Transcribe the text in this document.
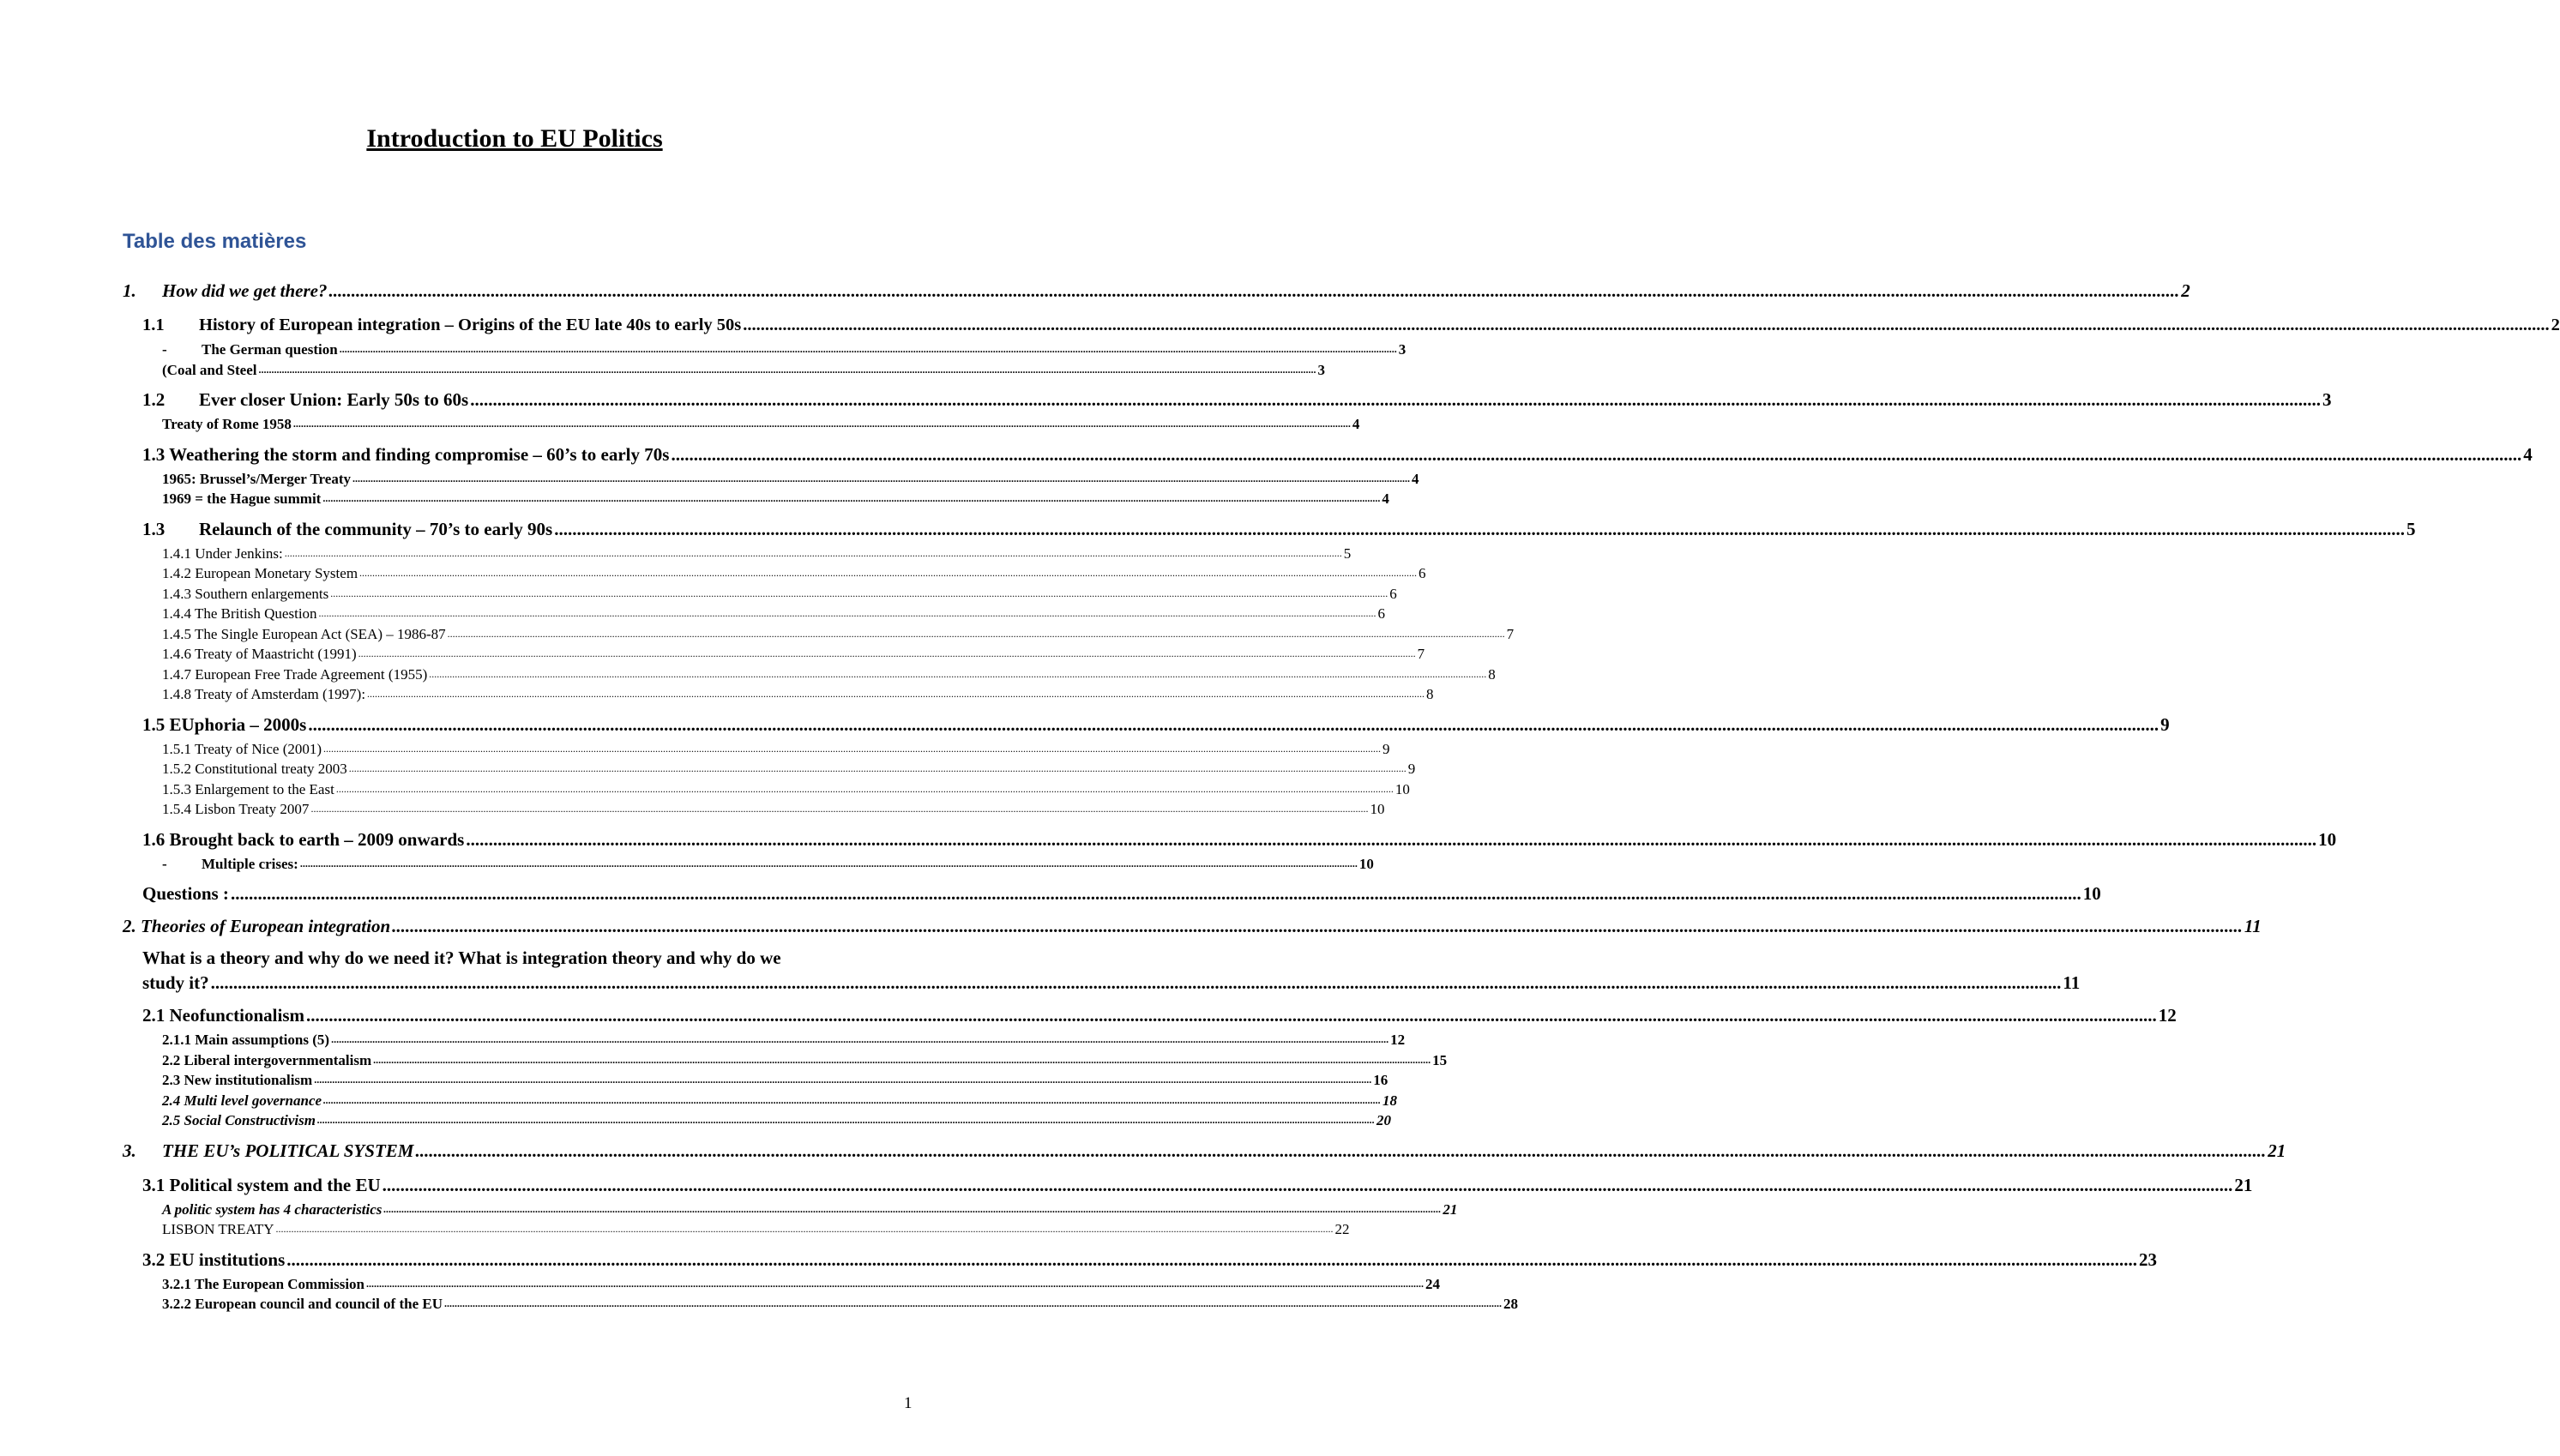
Introduction to EU Politics
Table des matières
1.	How did we get there? .....	2
1.1	History of European integration – Origins of the EU late 40s to early 50s .....	2
-	The German question .....	3
(Coal and Steel .....	3
1.2	Ever closer Union: Early 50s to 60s .....	3
Treaty of Rome 1958 .....	4
1.3 Weathering the storm and finding compromise – 60’s to early 70s .....	4
1965: Brussel’s/Merger Treaty .....	4
1969 = the Hague summit .....	4
1.3	Relaunch of the community – 70’s to early 90s .....	5
1.4.1 Under Jenkins: .....	5
1.4.2 European Monetary System .....	6
1.4.3 Southern enlargements .....	6
1.4.4 The British Question .....	6
1.4.5 The Single European Act (SEA) – 1986-87 .....	7
1.4.6 Treaty of Maastricht (1991) .....	7
1.4.7 European Free Trade Agreement (1955) .....	8
1.4.8 Treaty of Amsterdam (1997): .....	8
1.5 EUphoria – 2000s .....	9
1.5.1 Treaty of Nice (2001) .....	9
1.5.2 Constitutional treaty 2003 .....	9
1.5.3 Enlargement to the East .....	10
1.5.4 Lisbon Treaty 2007 .....	10
1.6 Brought back to earth – 2009 onwards .....	10
-	Multiple crises: .....	10
Questions : .....	10
2. Theories of European integration .....	11
What is a theory and why do we need it? What is integration theory and why do we
study it? .....	11
2.1 Neofunctionalism .....	12
2.1.1 Main assumptions (5) .....	12
2.2 Liberal intergovernmentalism .....	15
2.3 New institutionalism .....	16
2.4 Multi level governance .....	18
2.5 Social Constructivism .....	20
3.	THE EU’s POLITICAL SYSTEM .....	21
3.1 Political system and the EU .....	21
A politic system has 4 characteristics .....	21
LISBON TREATY .....	22
3.2 EU institutions .....	23
3.2.1 The European Commission .....	24
3.2.2 European council and council of the EU .....	28
1
